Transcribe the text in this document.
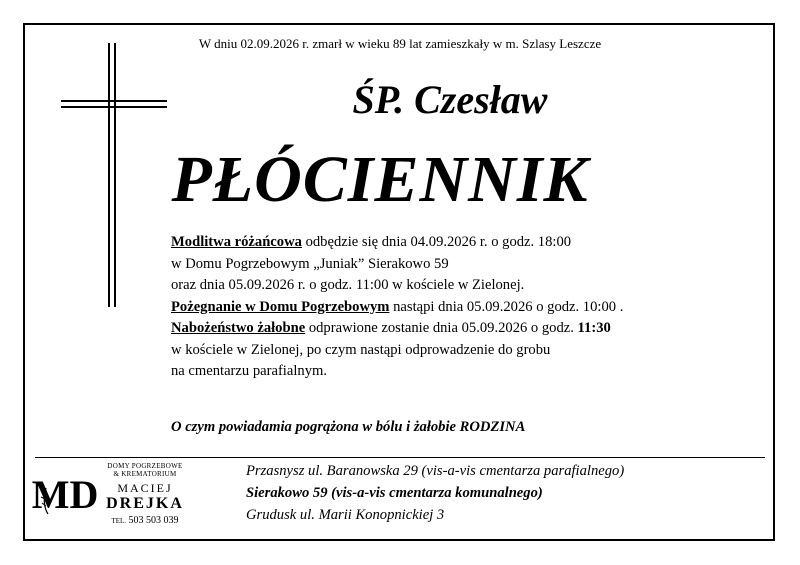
W dniu 02.09.2026 r. zmarł w wieku 89 lat zamieszkały w m. Szlasy Leszcze
ŚP. Czesław
PŁÓCIENNIK
Modlitwa różańcowa odbędzie się dnia 04.09.2026 r. o godz. 18:00
w Domu Pogrzebowym „Juniak” Sierakowo 59
oraz dnia 05.09.2026 r. o godz. 11:00 w kościele w Zielonej.
Pożegnanie w Domu Pogrzebowym nastąpi dnia 05.09.2026 o godz. 10:00 .
Nabożeństwo żałobne odprawione zostanie dnia 05.09.2026 o godz. 11:30
w kościele w Zielonej, po czym nastąpi odprowadzenie do grobu
na cmentarzu parafialnym.
O czym powiadamia pogrążona w bólu i żałobie RODZINA
MD
DOMY POGRZEBOWE
& KREMATORIUM
MACIEJ
DREJKA
TEL. 503 503 039
Przasnysz ul. Baranowska 29 (vis-a-vis cmentarza parafialnego)
Sierakowo 59 (vis-a-vis cmentarza komunalnego)
Grudusk ul. Marii Konopnickiej 3
